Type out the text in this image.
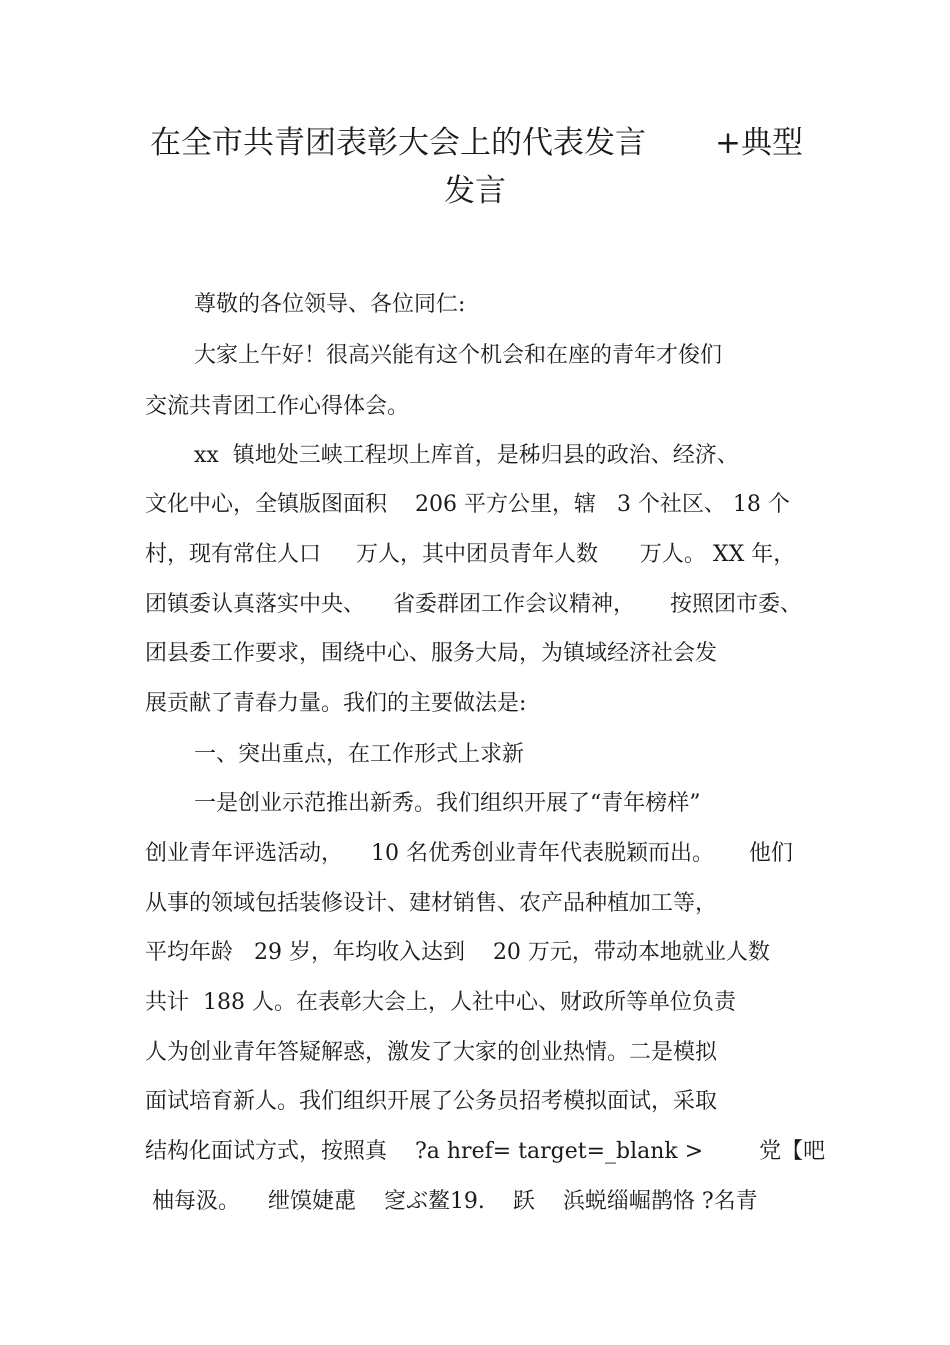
在全市共青团表彰大会上的代表发言       +典型
发言
尊敬的各位领导、各位同仁:
大家上午好！很高兴能有这个机会和在座的青年才俊们
交流共青团工作心得体会。
xx  镇地处三峡工程坝上库首，是秭归县的政治、经济、
文化中心，全镇版图面积    206 平方公里，辖   3 个社区、 18 个
村，现有常住人口     万人，其中团员青年人数      万人。 XX 年，
团镇委认真落实中央、    省委群团工作会议精神，     按照团市委、
团县委工作要求，围绕中心、服务大局，为镇域经济社会发
展贡献了青春力量。我们的主要做法是:
一、突出重点，在工作形式上求新
一是创业示范推出新秀。我们组织开展了“青年榜样”
创业青年评选活动，    10 名优秀创业青年代表脱颖而出。     他们
从事的领域包括装修设计、建材销售、农产品种植加工等，
平均年龄   29 岁，年均收入达到    20 万元，带动本地就业人数
共计  188 人。在表彰大会上，人社中心、财政所等单位负责
人为创业青年答疑解惑，激发了大家的创业热情。二是模拟
面试培育新人。我们组织开展了公务员招考模拟面试，采取
结构化面试方式，按照真    ?a href= target=_blank >        党【吧
柚每汲。    绁馍婕喸    窆ぶ鳌19.    跃    浜蜕缁崛鹊恪 ?名青
